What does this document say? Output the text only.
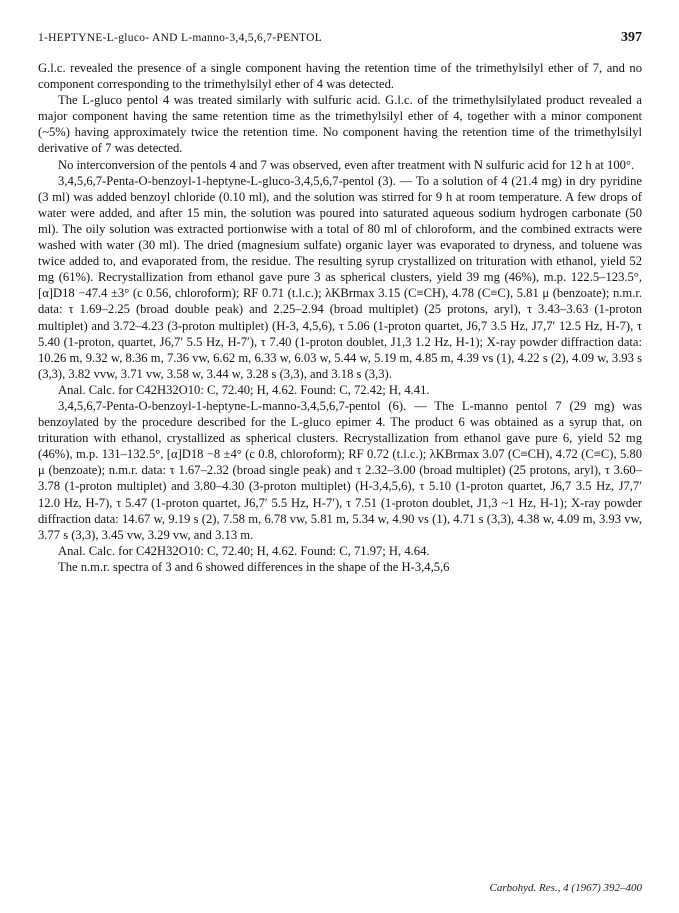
1-HEPTYNE-L-gluco- AND L-manno-3,4,5,6,7-PENTOL	397

G.l.c. revealed the presence of a single component having the retention time of the trimethylsilyl ether of 7, and no component corresponding to the trimethylsilyl ether of 4 was detected.

The L-gluco pentol 4 was treated similarly with sulfuric acid. G.l.c. of the trimethylsilylated product revealed a major component having the same retention time as the trimethylsilyl ether of 4, together with a minor component (~5%) having approximately twice the retention time. No component having the retention time of the trimethylsilyl derivative of 7 was detected.

No interconversion of the pentols 4 and 7 was observed, even after treatment with N sulfuric acid for 12 h at 100°.

3,4,5,6,7-Penta-O-benzoyl-1-heptyne-L-gluco-3,4,5,6,7-pentol (3). — To a solution of 4 (21.4 mg) in dry pyridine (3 ml) was added benzoyl chloride (0.10 ml), and the solution was stirred for 9 h at room temperature. A few drops of water were added, and after 15 min, the solution was poured into saturated aqueous sodium hydrogen carbonate (50 ml). The oily solution was extracted portionwise with a total of 80 ml of chloroform, and the combined extracts were washed with water (30 ml). The dried (magnesium sulfate) organic layer was evaporated to dryness, and toluene was twice added to, and evaporated from, the residue. The resulting syrup crystallized on trituration with ethanol, yield 52 mg (61%). Recrystallization from ethanol gave pure 3 as spherical clusters, yield 39 mg (46%), m.p. 122.5–123.5°, [α]D18 −47.4 ±3° (c 0.56, chloroform); RF 0.71 (t.l.c.); λKBrmax 3.15 (C≡CH), 4.78 (C≡C), 5.81 μ (benzoate); n.m.r. data: τ 1.69–2.25 (broad double peak) and 2.25–2.94 (broad multiplet) (25 protons, aryl), τ 3.43–3.63 (1-proton multiplet) and 3.72–4.23 (3-proton multiplet) (H-3, 4,5,6), τ 5.06 (1-proton quartet, J6,7 3.5 Hz, J7,7′ 12.5 Hz, H-7), τ 5.40 (1-proton, quartet, J6,7′ 5.5 Hz, H-7′), τ 7.40 (1-proton doublet, J1,3 1.2 Hz, H-1); X-ray powder diffraction data: 10.26 m, 9.32 w, 8.36 m, 7.36 vw, 6.62 m, 6.33 w, 6.03 w, 5.44 w, 5.19 m, 4.85 m, 4.39 vs (1), 4.22 s (2), 4.09 w, 3.93 s (3,3), 3.82 vvw, 3.71 vw, 3.58 w, 3.44 w, 3.28 s (3,3), and 3.18 s (3,3).

Anal. Calc. for C42H32O10: C, 72.40; H, 4.62. Found: C, 72.42; H, 4.41.

3,4,5,6,7-Penta-O-benzoyl-1-heptyne-L-manno-3,4,5,6,7-pentol (6). — The L-manno pentol 7 (29 mg) was benzoylated by the procedure described for the L-gluco epimer 4. The product 6 was obtained as a syrup that, on trituration with ethanol, crystallized as spherical clusters. Recrystallization from ethanol gave pure 6, yield 52 mg (46%), m.p. 131–132.5°, [α]D18 −8 ±4° (c 0.8, chloroform); RF 0.72 (t.l.c.); λKBrmax 3.07 (C≡CH), 4.72 (C≡C), 5.80 μ (benzoate); n.m.r. data: τ 1.67–2.32 (broad single peak) and τ 2.32–3.00 (broad multiplet) (25 protons, aryl), τ 3.60–3.78 (1-proton multiplet) and 3.80–4.30 (3-proton multiplet) (H-3,4,5,6), τ 5.10 (1-proton quartet, J6,7 3.5 Hz, J7,7′ 12.0 Hz, H-7), τ 5.47 (1-proton quartet, J6,7′ 5.5 Hz, H-7′), τ 7.51 (1-proton doublet, J1,3 ~1 Hz, H-1); X-ray powder diffraction data: 14.67 w, 9.19 s (2), 7.58 m, 6.78 vw, 5.81 m, 5.34 w, 4.90 vs (1), 4.71 s (3,3), 4.38 w, 4.09 m, 3.93 vw, 3.77 s (3,3), 3.45 vw, 3.29 vw, and 3.13 m.

Anal. Calc. for C42H32O10: C, 72.40; H, 4.62. Found: C, 71.97; H, 4.64.

The n.m.r. spectra of 3 and 6 showed differences in the shape of the H-3,4,5,6

Carbohyd. Res., 4 (1967) 392–400
